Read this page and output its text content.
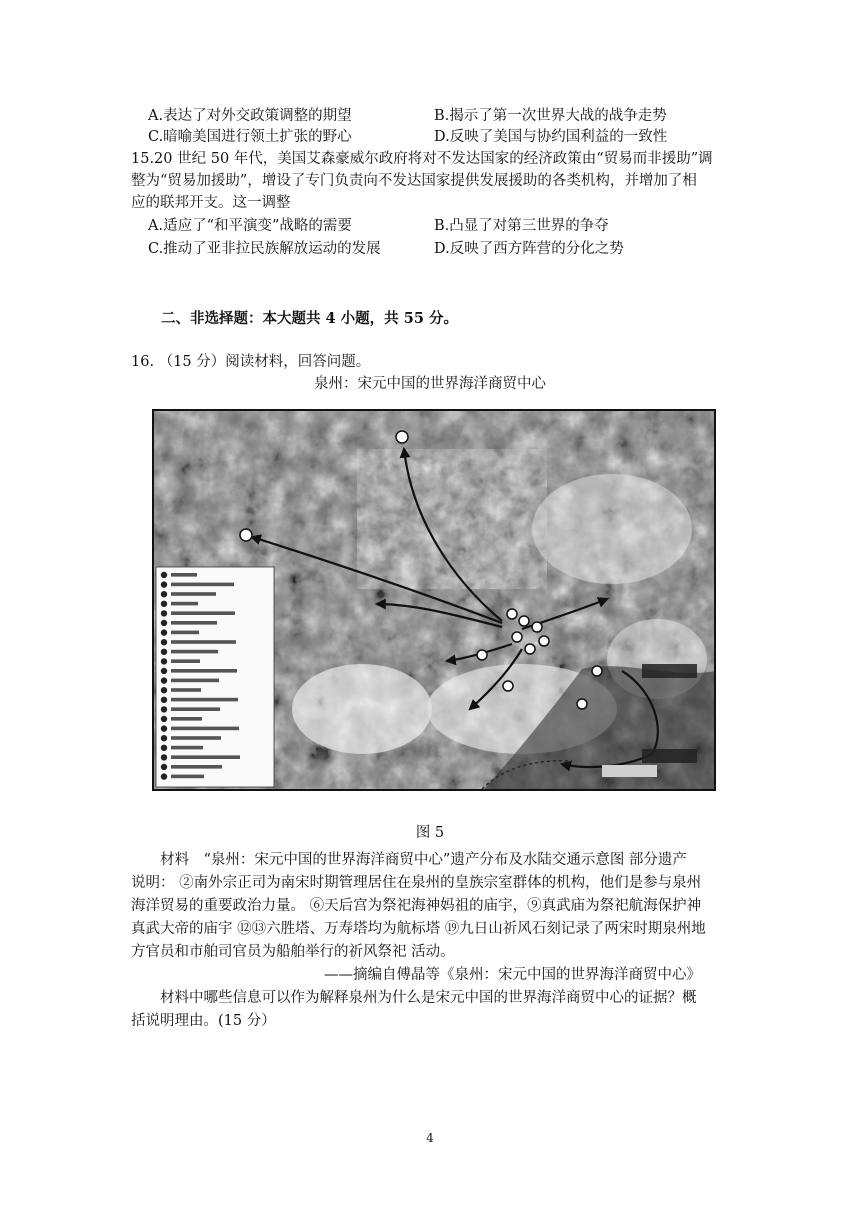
A.表达了对外交政策调整的期望	B.揭示了第一次世界大战的战争走势
C.暗喻美国进行领土扩张的野心	D.反映了美国与协约国利益的一致性
15.20 世纪 50 年代，美国艾森豪威尔政府将对不发达国家的经济政策由“贸易而非援助”调
整为“贸易加援助”，增设了专门负责向不发达国家提供发展援助的各类机构，并增加了相
应的联邦开支。这一调整
A.适应了“和平演变”战略的需要	B.凸显了对第三世界的争夺
C.推动了亚非拉民族解放运动的发展	D.反映了西方阵营的分化之势
二、非选择题：本大题共 4 小题，共 55 分。
16. （15 分）阅读材料，回答问题。
泉州：宋元中国的世界海洋商贸中心
图 5
材料　“泉州：宋元中国的世界海洋商贸中心”遗产分布及水陆交通示意图 部分遗产
说明： ②南外宗正司为南宋时期管理居住在泉州的皇族宗室群体的机构，他们是参与泉州
海洋贸易的重要政治力量。 ⑥天后宫为祭祀海神妈祖的庙宇，⑨真武庙为祭祀航海保护神
真武大帝的庙宇 ⑫⑬六胜塔、万寿塔均为航标塔 ⑲九日山祈风石刻记录了两宋时期泉州地
方官员和市舶司官员为船舶举行的祈风祭祀 活动。
——摘编自傅晶等《泉州：宋元中国的世界海洋商贸中心》
材料中哪些信息可以作为解释泉州为什么是宋元中国的世界海洋商贸中心的证据？概
括说明理由。(15 分）
4
